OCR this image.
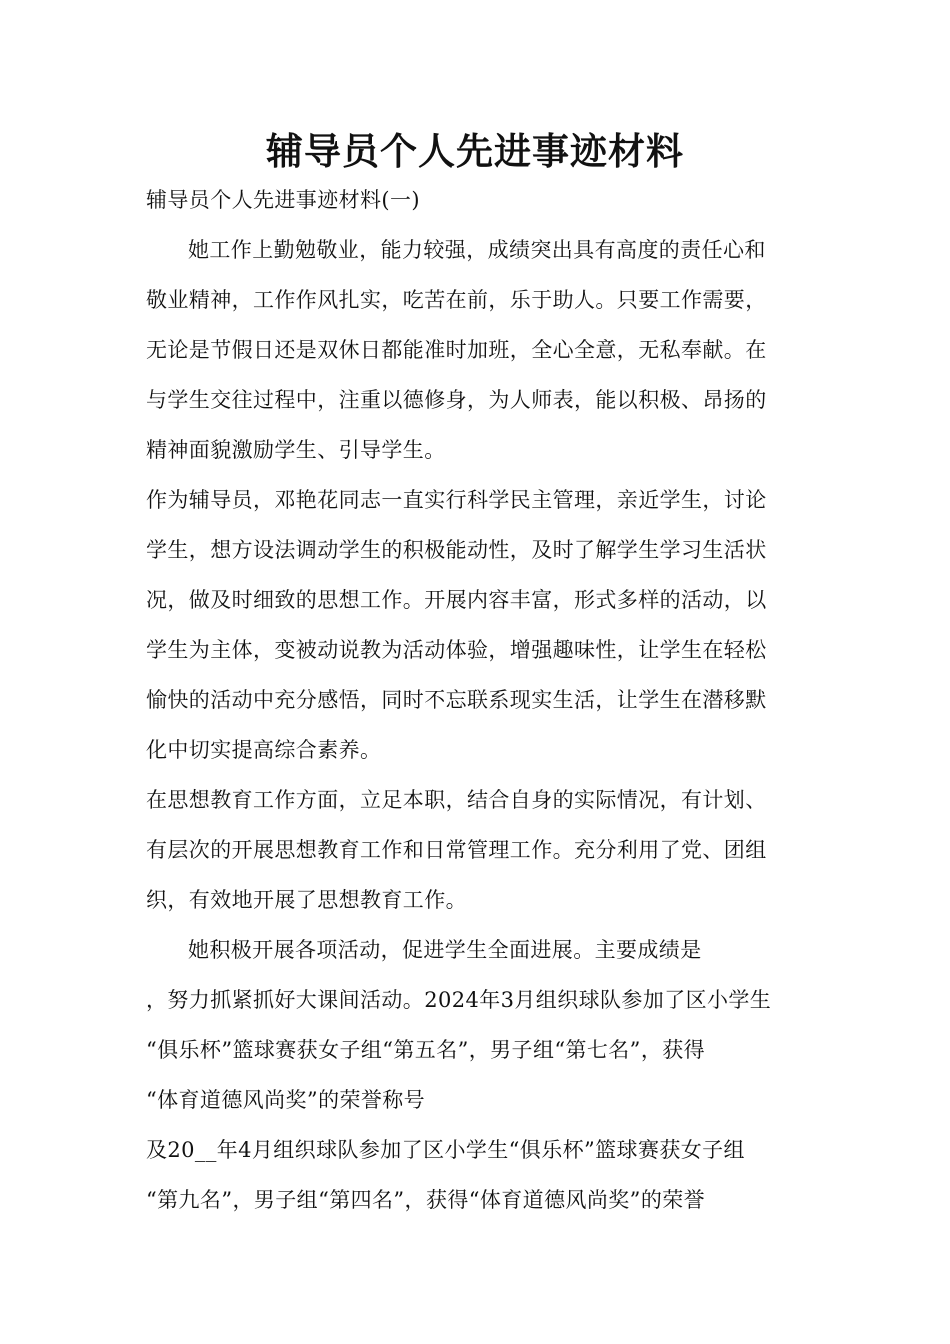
辅导员个人先进事迹材料
辅导员个人先进事迹材料(一)
她工作上勤勉敬业，能力较强，成绩突出具有高度的责任心和
敬业精神，工作作风扎实，吃苦在前，乐于助人。只要工作需要，
无论是节假日还是双休日都能准时加班，全心全意，无私奉献。在
与学生交往过程中，注重以德修身，为人师表，能以积极、昂扬的
精神面貌激励学生、引导学生。
作为辅导员，邓艳花同志一直实行科学民主管理，亲近学生，讨论
学生，想方设法调动学生的积极能动性，及时了解学生学习生活状
况，做及时细致的思想工作。开展内容丰富，形式多样的活动，以
学生为主体，变被动说教为活动体验，增强趣味性，让学生在轻松
愉快的活动中充分感悟，同时不忘联系现实生活，让学生在潜移默
化中切实提高综合素养。
在思想教育工作方面，立足本职，结合自身的实际情况，有计划、
有层次的开展思想教育工作和日常管理工作。充分利用了党、团组
织，有效地开展了思想教育工作。
她积极开展各项活动，促进学生全面进展。主要成绩是
，努力抓紧抓好大课间活动。2024年3月组织球队参加了区小学生
“俱乐杯”篮球赛获女子组“第五名”，男子组“第七名”，获得
“体育道德风尚奖”的荣誉称号
及20__年4月组织球队参加了区小学生“俱乐杯”篮球赛获女子组
“第九名”，男子组“第四名”，获得“体育道德风尚奖”的荣誉
